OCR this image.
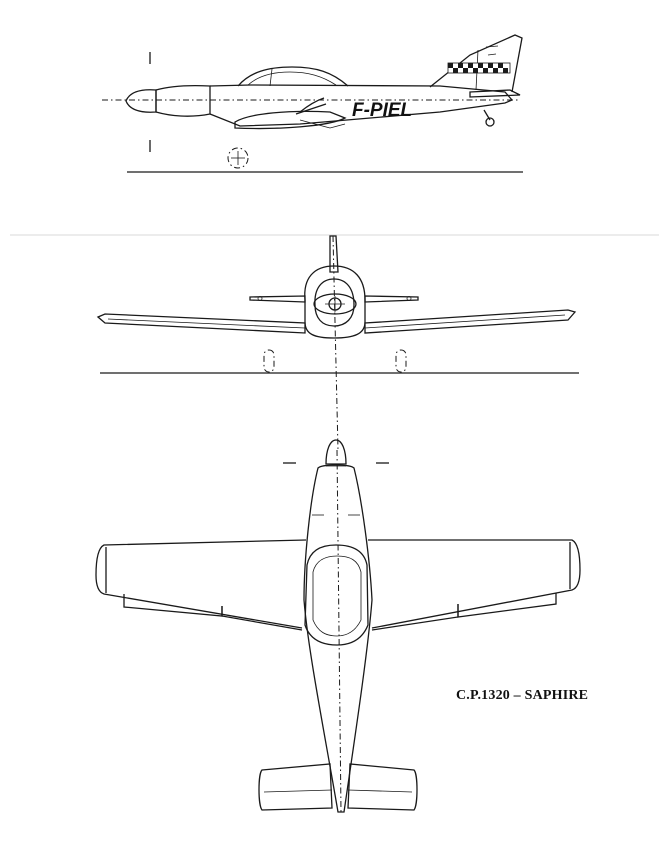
F-PIEL
C.P.1320 – SAPHIRE
